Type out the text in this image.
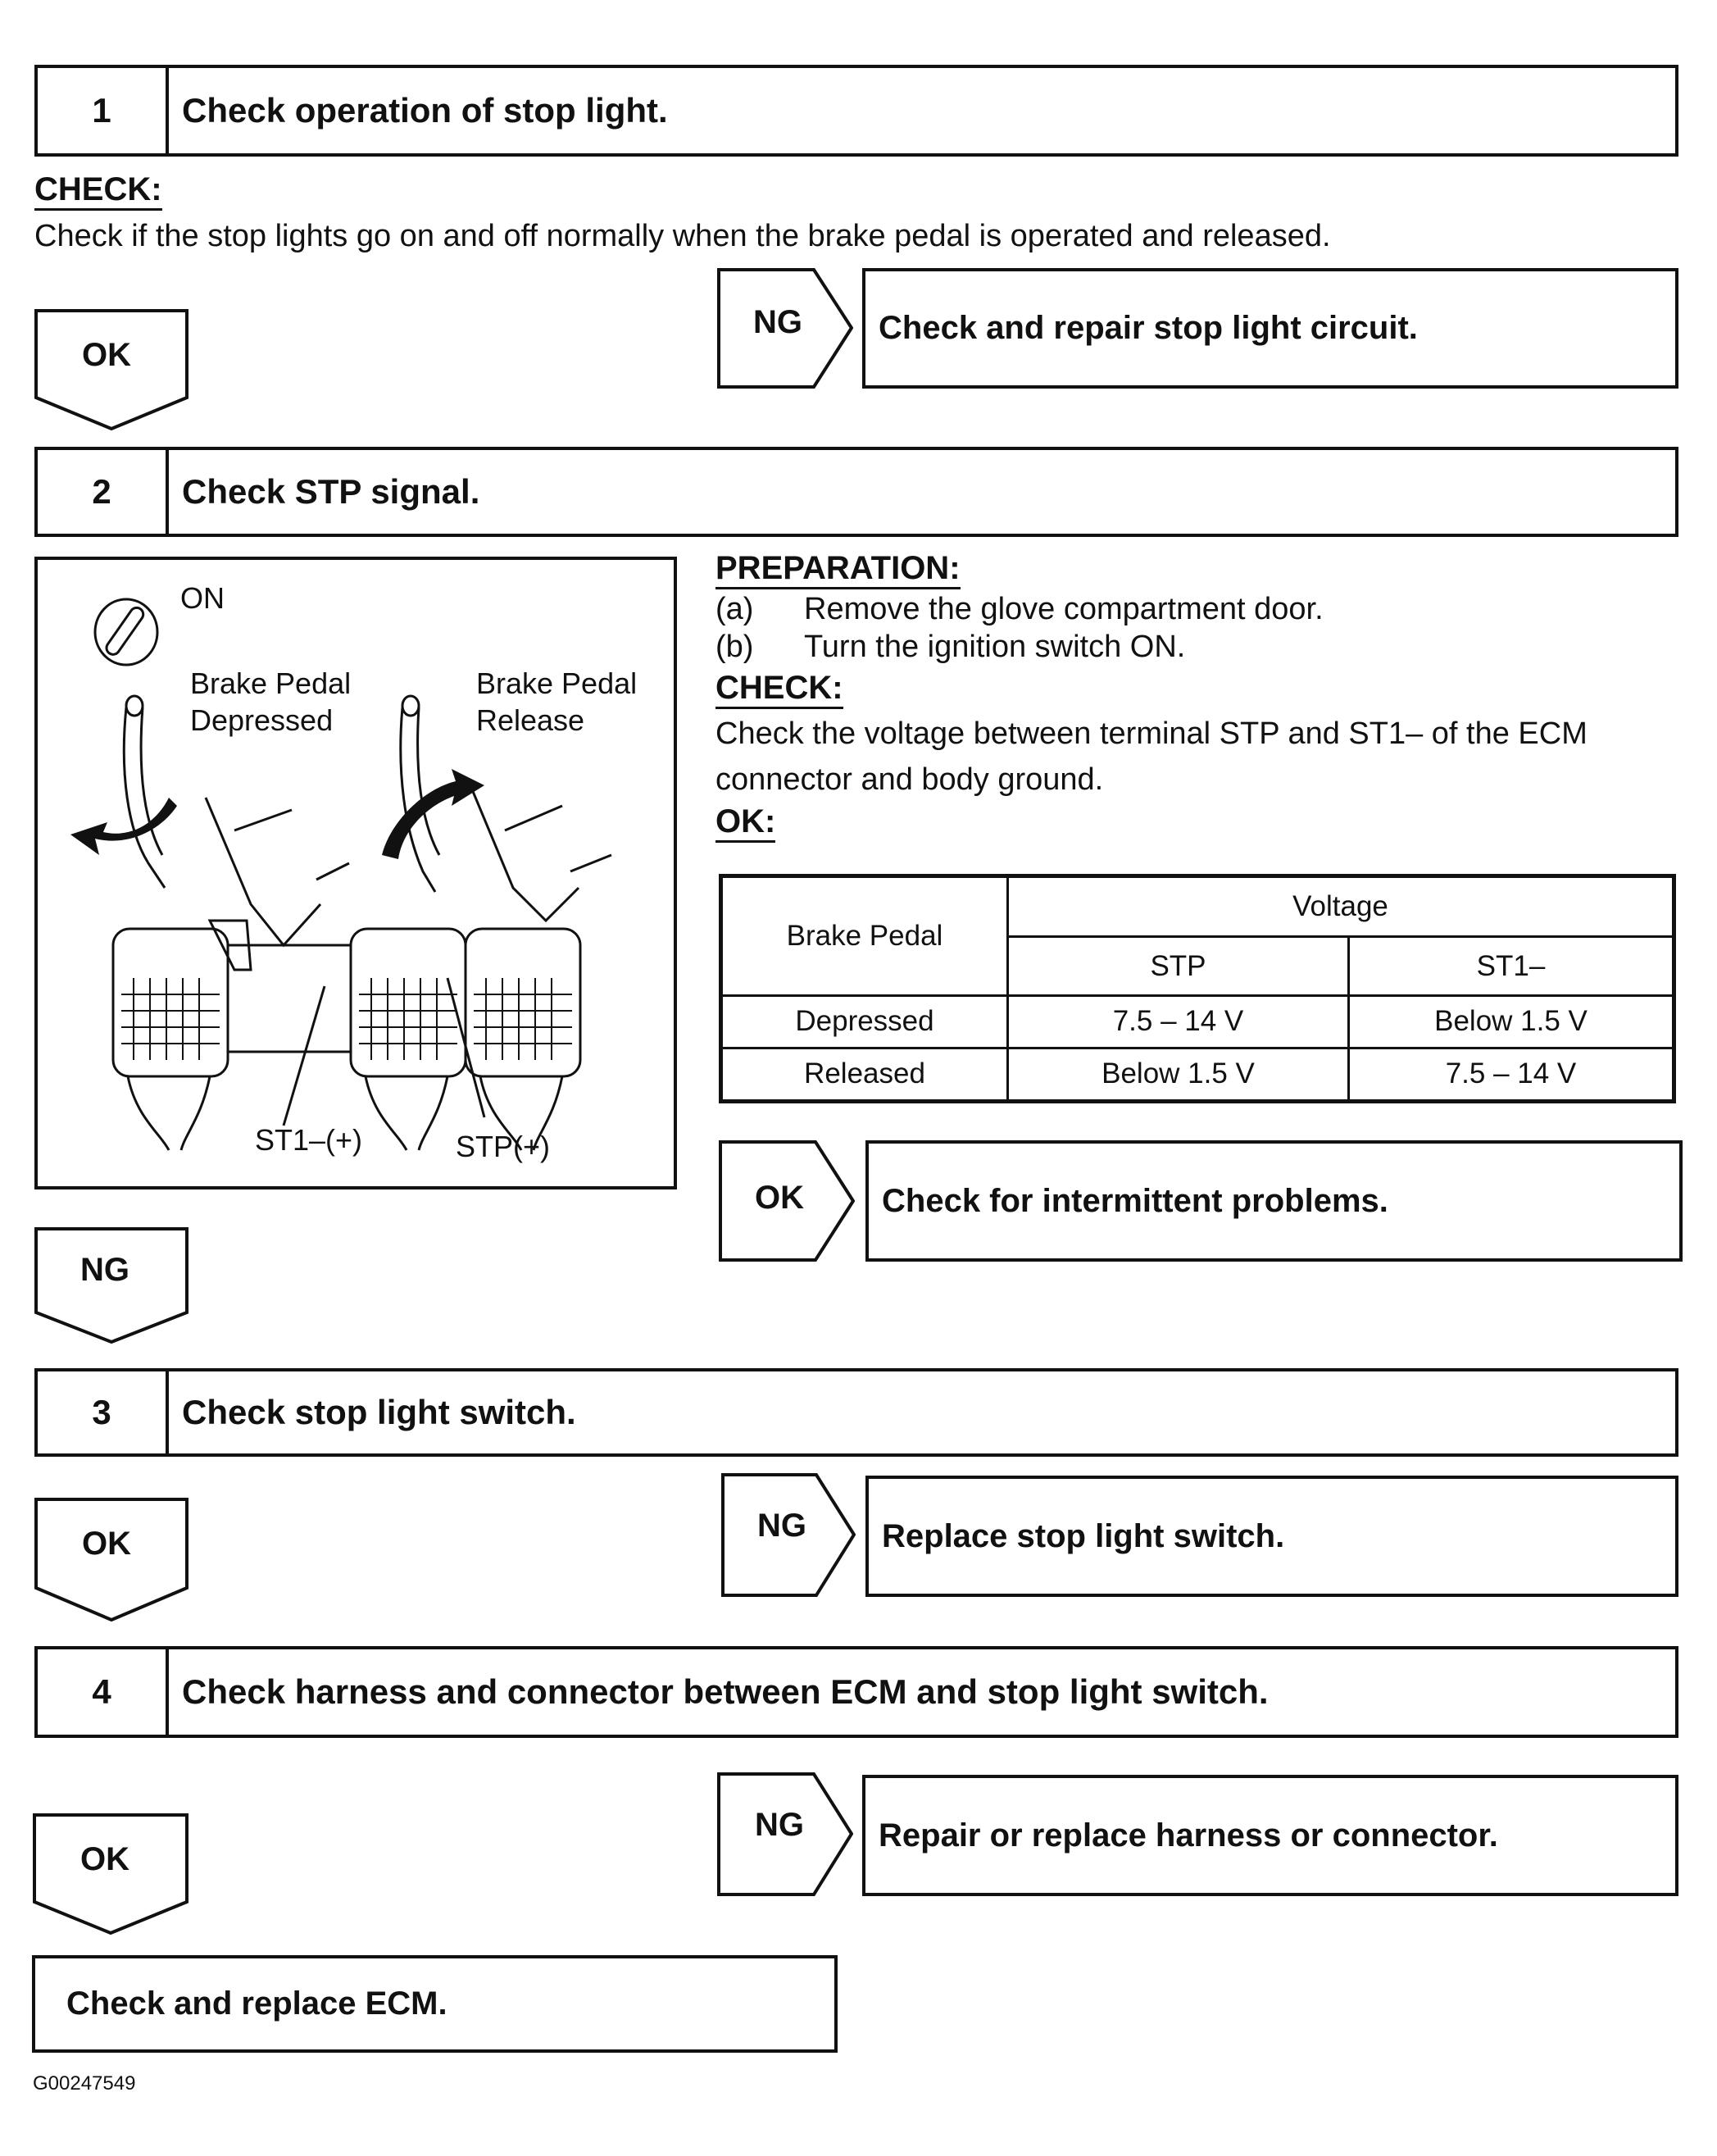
1	Check operation of stop light.
CHECK:
Check if the stop lights go on and off normally when the brake pedal is operated and released.
OK
NG	Check and repair stop light circuit.
2	Check STP signal.
ON
Brake Pedal
Depressed
Brake Pedal
Release
ST1–(+)	STP(+)
PREPARATION:
(a) Remove the glove compartment door.
(b) Turn the ignition switch ON.
CHECK:
Check the voltage between terminal STP and ST1– of the ECM
connector and body ground.
OK:
Brake Pedal	Voltage	
	STP	ST1–
Depressed	7.5 – 14 V	Below 1.5 V
Released	Below 1.5 V	7.5 – 14 V
OK	Check for intermittent problems.
NG
3	Check stop light switch.
OK	NG	Replace stop light switch.
4	Check harness and connector between ECM and stop light switch.
NG	Repair or replace harness or connector.
OK
Check and replace ECM.
G00247549
